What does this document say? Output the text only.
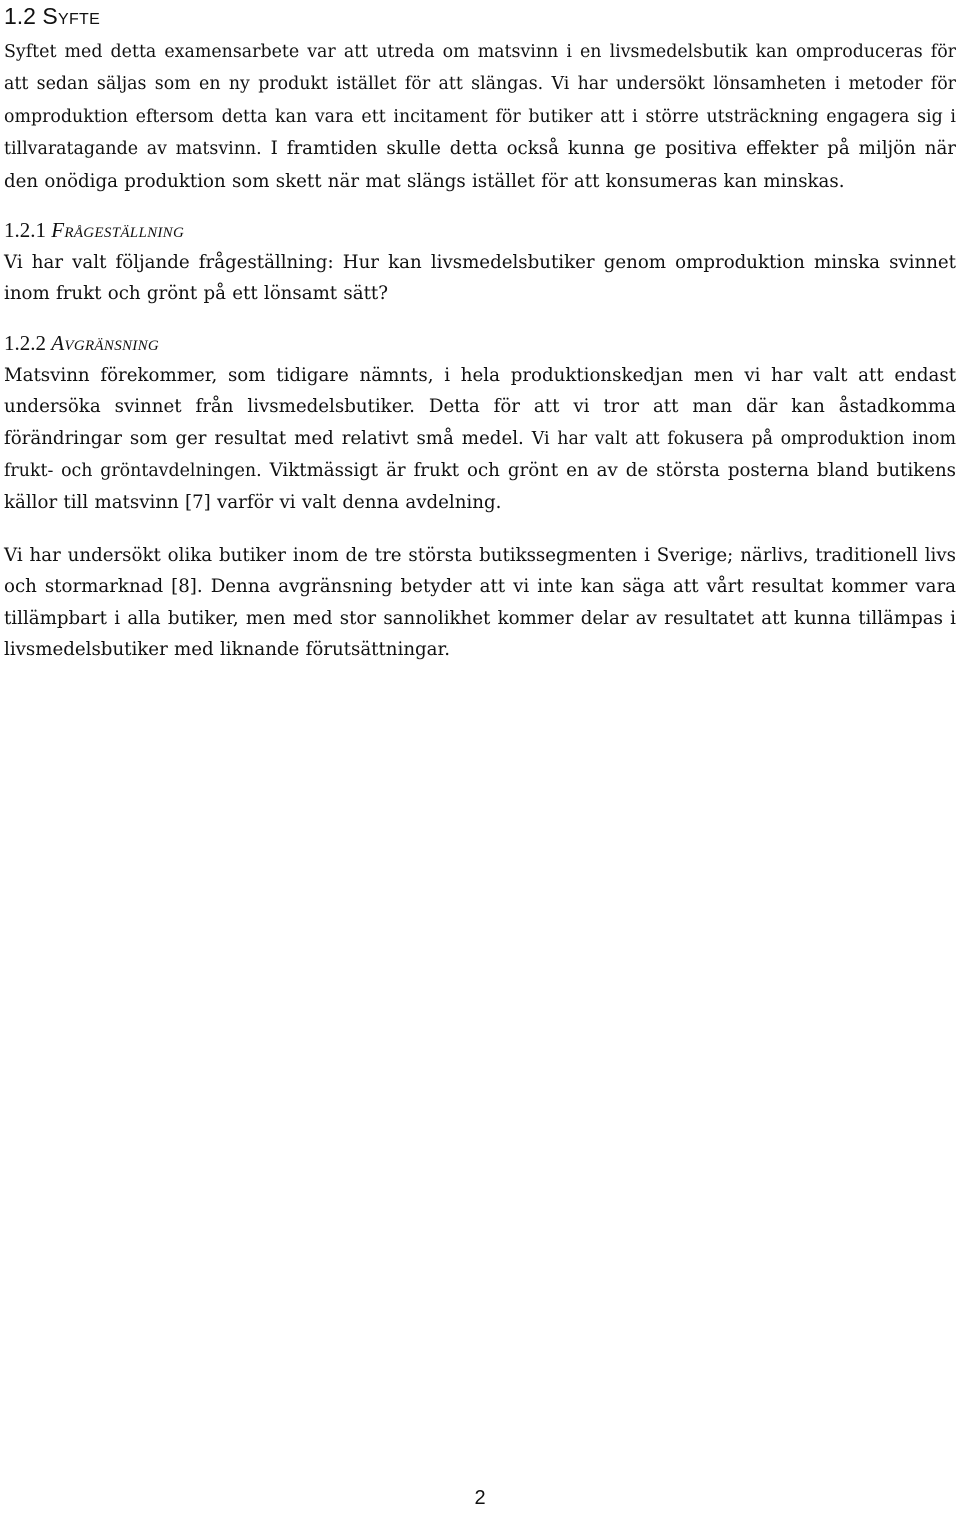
1.2 Syfte

Syftet med detta examensarbete var att utreda om matsvinn i en livsmedelsbutik kan omproduceras för att sedan säljas som en ny produkt istället för att slängas. Vi har undersökt lönsamheten i metoder för omproduktion eftersom detta kan vara ett incitament för butiker att i större utsträckning engagera sig i tillvaratagande av matsvinn. I framtiden skulle detta också kunna ge positiva effekter på miljön när den onödiga produktion som skett när mat slängs istället för att konsumeras kan minskas.

1.2.1 Frågeställning

Vi har valt följande frågeställning: Hur kan livsmedelsbutiker genom omproduktion minska svinnet inom frukt och grönt på ett lönsamt sätt?

1.2.2 Avgränsning

Matsvinn förekommer, som tidigare nämnts, i hela produktionskedjan men vi har valt att endast undersöka svinnet från livsmedelsbutiker. Detta för att vi tror att man där kan åstadkomma förändringar som ger resultat med relativt små medel. Vi har valt att fokusera på omproduktion inom frukt- och gröntavdelningen. Viktmässigt är frukt och grönt en av de största posterna bland butikens källor till matsvinn [7] varför vi valt denna avdelning.

Vi har undersökt olika butiker inom de tre största butikssegmenten i Sverige; närlivs, traditionell livs och stormarknad [8]. Denna avgränsning betyder att vi inte kan säga att vårt resultat kommer vara tillämpbart i alla butiker, men med stor sannolikhet kommer delar av resultatet att kunna tillämpas i livsmedelsbutiker med liknande förutsättningar.

2
